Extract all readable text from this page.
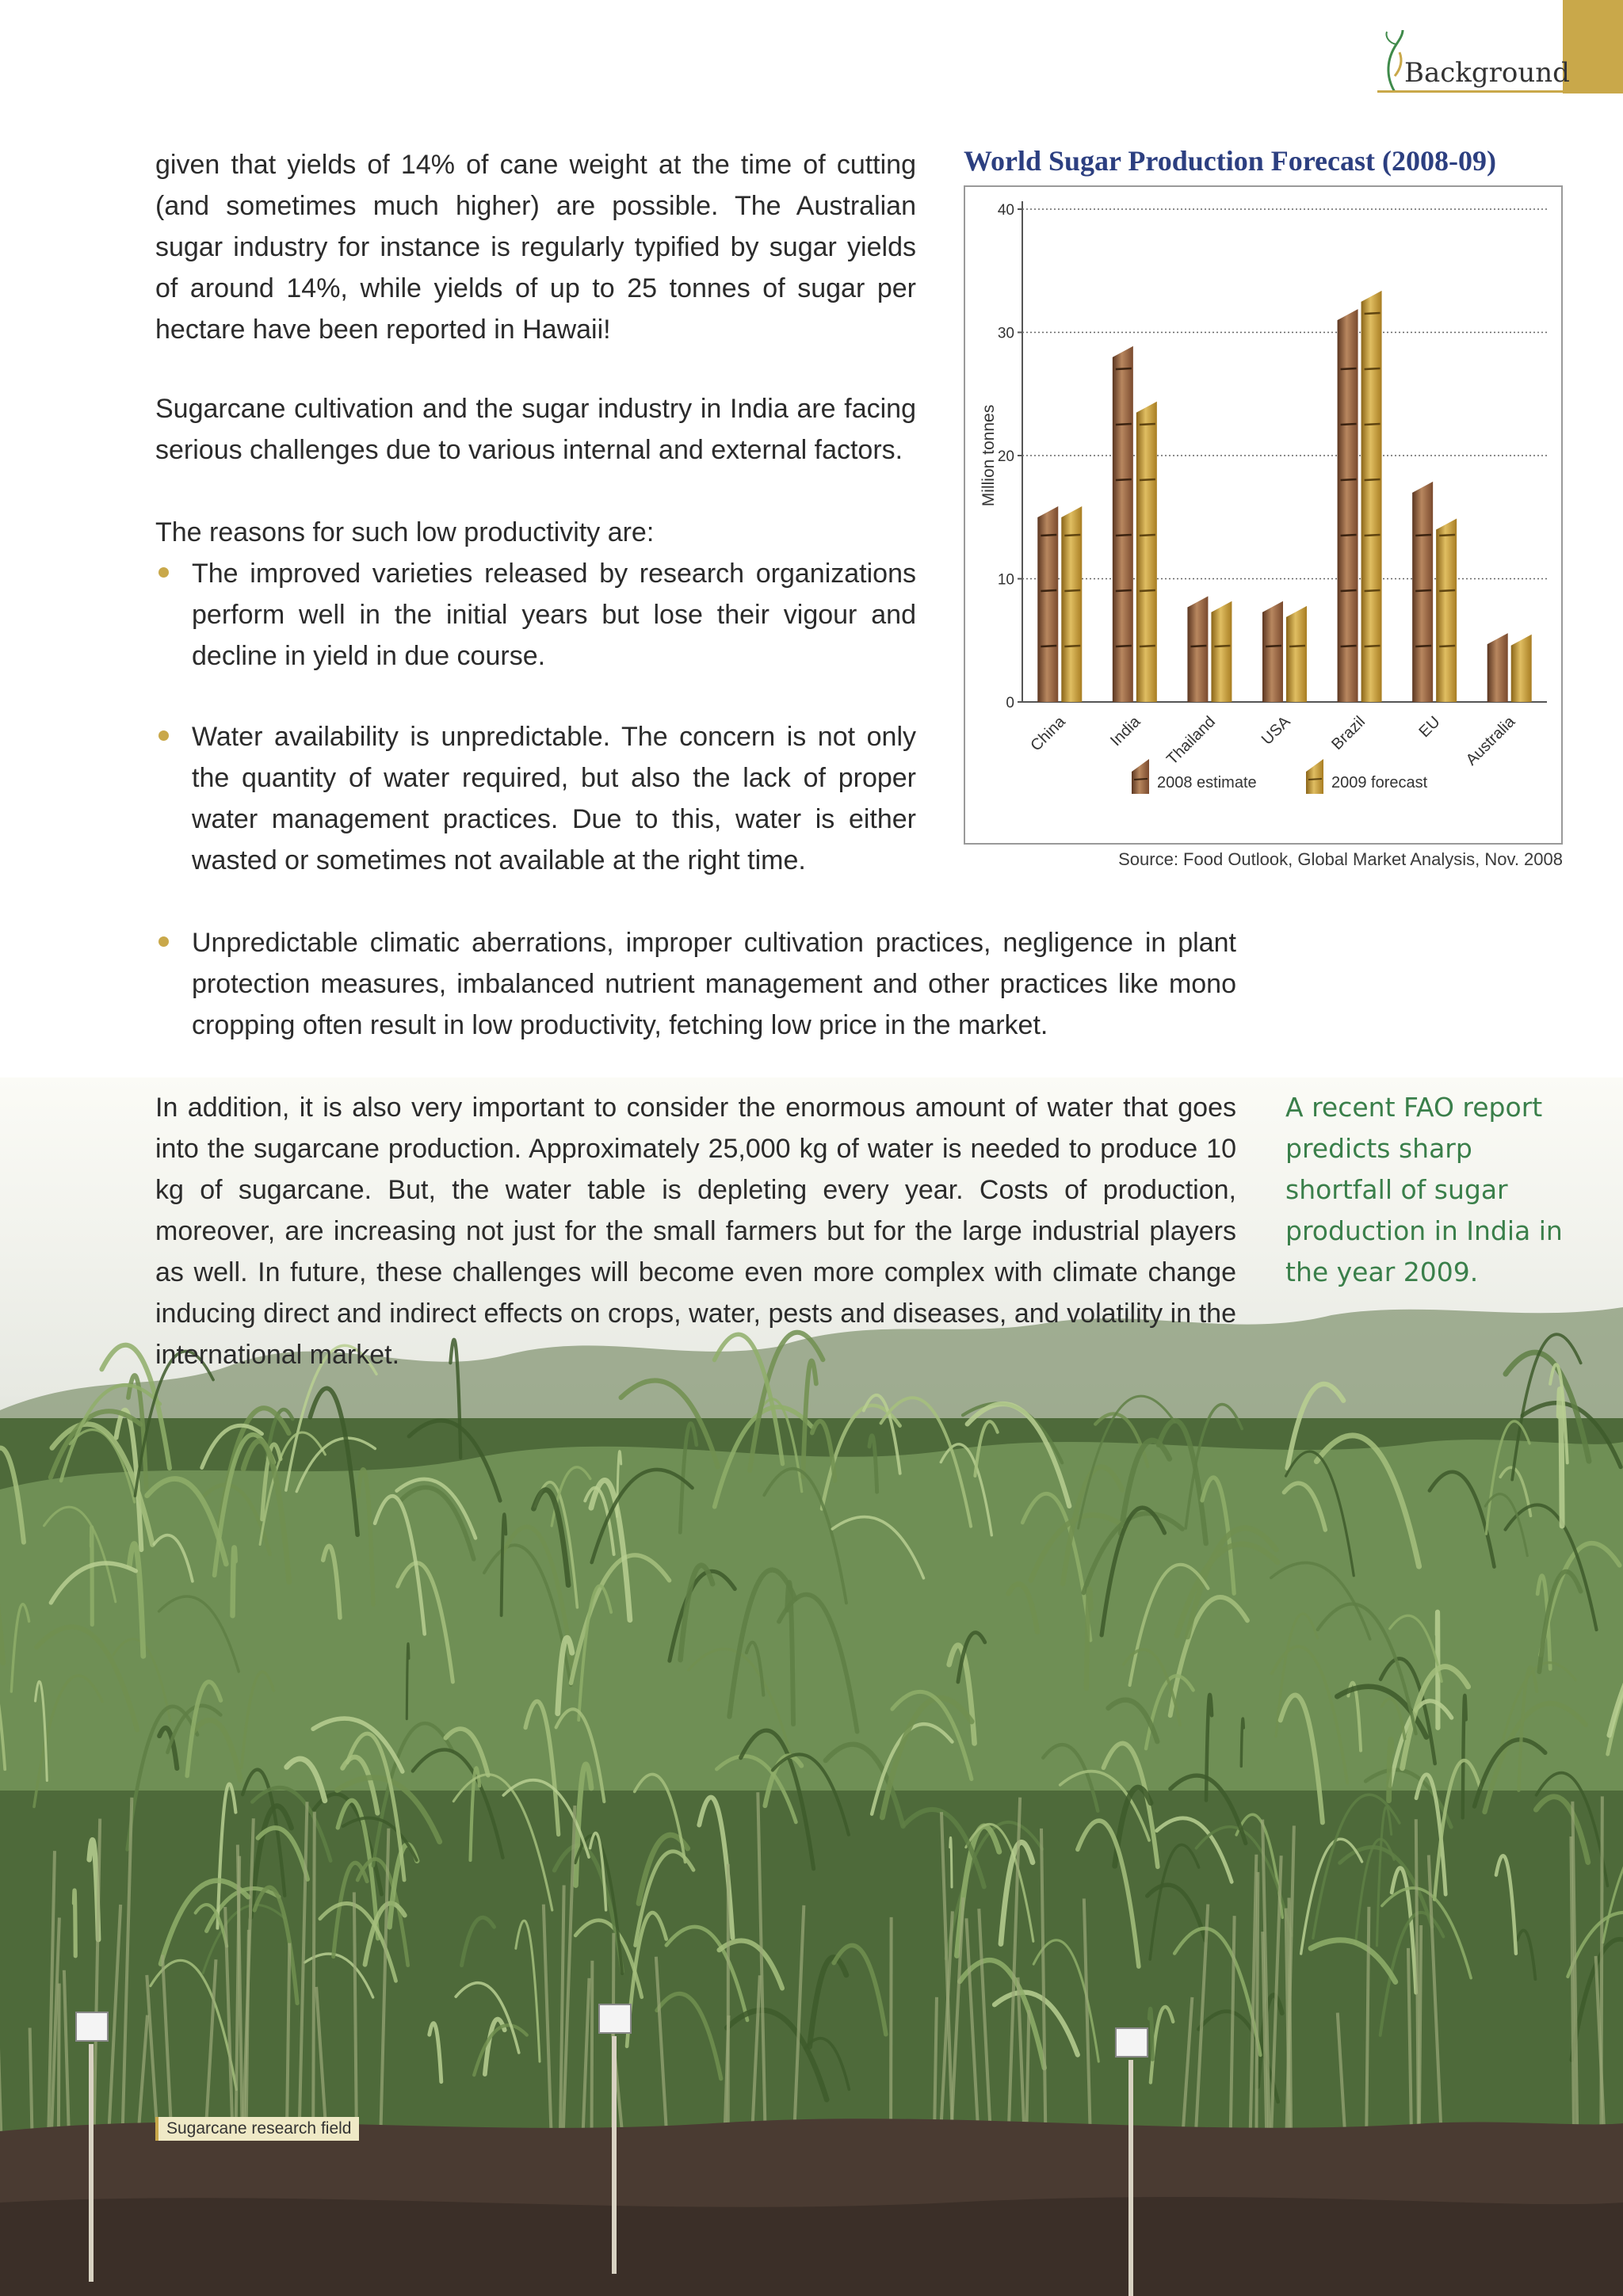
Background
given that yields of 14% of cane weight at the time of cutting (and sometimes much higher) are possible. The Australian sugar industry for instance is regularly typified by sugar yields of around 14%, while yields of up to 25 tonnes of sugar per hectare have been reported in Hawaii!
Sugarcane cultivation and the sugar industry in India are facing serious challenges due to various internal and external factors.
The reasons for such low productivity are:
The improved varieties released by research organizations perform well in the initial years but lose their vigour and decline in yield in due course.
Water availability is unpredictable. The concern is not only the quantity of water required, but also the lack of proper water management practices. Due to this, water is either wasted or sometimes not available at the right time.
Unpredictable climatic aberrations, improper cultivation practices, negligence in plant protection measures, imbalanced nutrient management and other practices like mono cropping often result in low productivity, fetching low price in the market.
In addition, it is also very important to consider the enormous amount of water that goes into the sugarcane production. Approximately 25,000 kg of water is needed to produce 10 kg of sugarcane. But, the water table is depleting every year. Costs of production, moreover, are increasing not just for the small farmers but for the large industrial players as well. In future, these challenges will become even more complex with climate change inducing direct and indirect effects on crops, water, pests and diseases, and volatility in the international market.
A recent FAO report predicts sharp shortfall of sugar production in India in the year 2009.
World Sugar Production Forecast (2008-09)
0
10
20
30
40
Million tonnes
China India Thailand USA Brazil	EU Australia
2008 estimate	2009 forecast
Source: Food Outlook, Global Market Analysis, Nov. 2008
Sugarcane research field
